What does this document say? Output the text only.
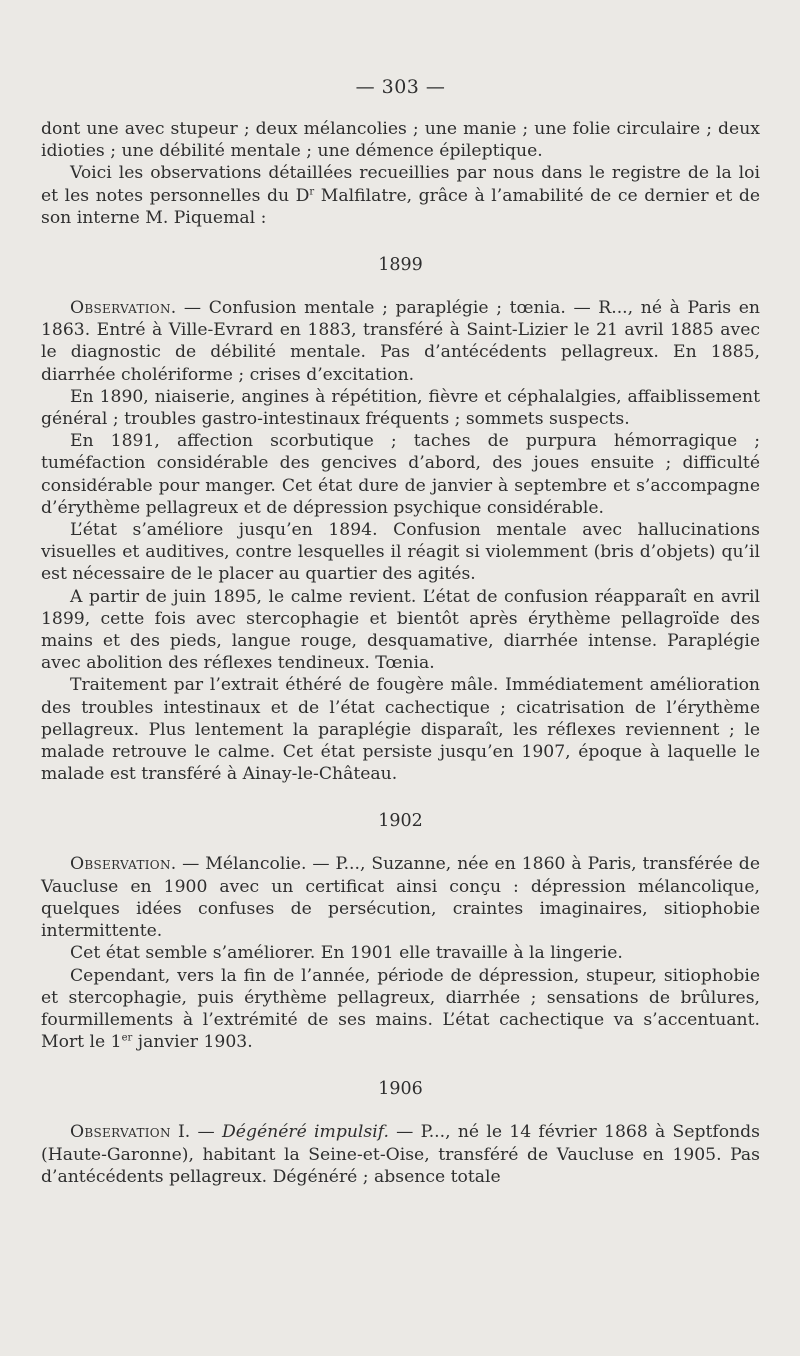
— 303 —

dont une avec stupeur ; deux mélancolies ; une manie ; une folie circulaire ; deux idioties ; une débilité mentale ; une démence épileptique.

Voici les observations détaillées recueillies par nous dans le registre de la loi et les notes personnelles du $D^r$ Malfilatre, grâce à l’amabilité de ce dernier et de son interne M. Piquemal :

1899

Observation. — Confusion mentale ; paraplégie ; tœnia. — R..., né à Paris en 1863. Entré à Ville-Evrard en 1883, transféré à Saint-Lizier le 21 avril 1885 avec le diagnostic de débilité mentale. Pas d’antécédents pellagreux. En 1885, diarrhée cholériforme ; crises d’excitation.

En 1890, niaiserie, angines à répétition, fièvre et céphalalgies, affaiblissement général ; troubles gastro-intestinaux fréquents ; sommets suspects.

En 1891, affection scorbutique ; taches de purpura hémorragique ; tuméfaction considérable des gencives d’abord, des joues ensuite ; difficulté considérable pour manger. Cet état dure de janvier à septembre et s’accompagne d’érythème pellagreux et de dépression psychique considérable.

L’état s’améliore jusqu’en 1894. Confusion mentale avec hallucinations visuelles et auditives, contre lesquelles il réagit si violemment (bris d’objets) qu’il est nécessaire de le placer au quartier des agités.

A partir de juin 1895, le calme revient. L’état de confusion réapparaît en avril 1899, cette fois avec stercophagie et bientôt après érythème pellagroïde des mains et des pieds, langue rouge, desquamative, diarrhée intense. Paraplégie avec abolition des réflexes tendineux. Tœnia.

Traitement par l’extrait éthéré de fougère mâle. Immédiatement amélioration des troubles intestinaux et de l’état cachectique ; cicatrisation de l’érythème pellagreux. Plus lentement la paraplégie disparaît, les réflexes reviennent ; le malade retrouve le calme. Cet état persiste jusqu’en 1907, époque à laquelle le malade est transféré à Ainay-le-Château.

1902

Observation. — Mélancolie. — P..., Suzanne, née en 1860 à Paris, transférée de Vaucluse en 1900 avec un certificat ainsi conçu : dépression mélancolique, quelques idées confuses de persécution, craintes imaginaires, sitiophobie intermittente.

Cet état semble s’améliorer. En 1901 elle travaille à la lingerie.

Cependant, vers la fin de l’année, période de dépression, stupeur, sitiophobie et stercophagie, puis érythème pellagreux, diarrhée ; sensations de brûlures, fourmillements à l’extrémité de ses mains. L’état cachectique va s’accentuant. Mort le 1er janvier 1903.

1906

Observation I. — Dégénéré impulsif. — P..., né le 14 février 1868 à Septfonds (Haute-Garonne), habitant la Seine-et-Oise, transféré de Vaucluse en 1905. Pas d’antécédents pellagreux. Dégénéré ; absence totale
